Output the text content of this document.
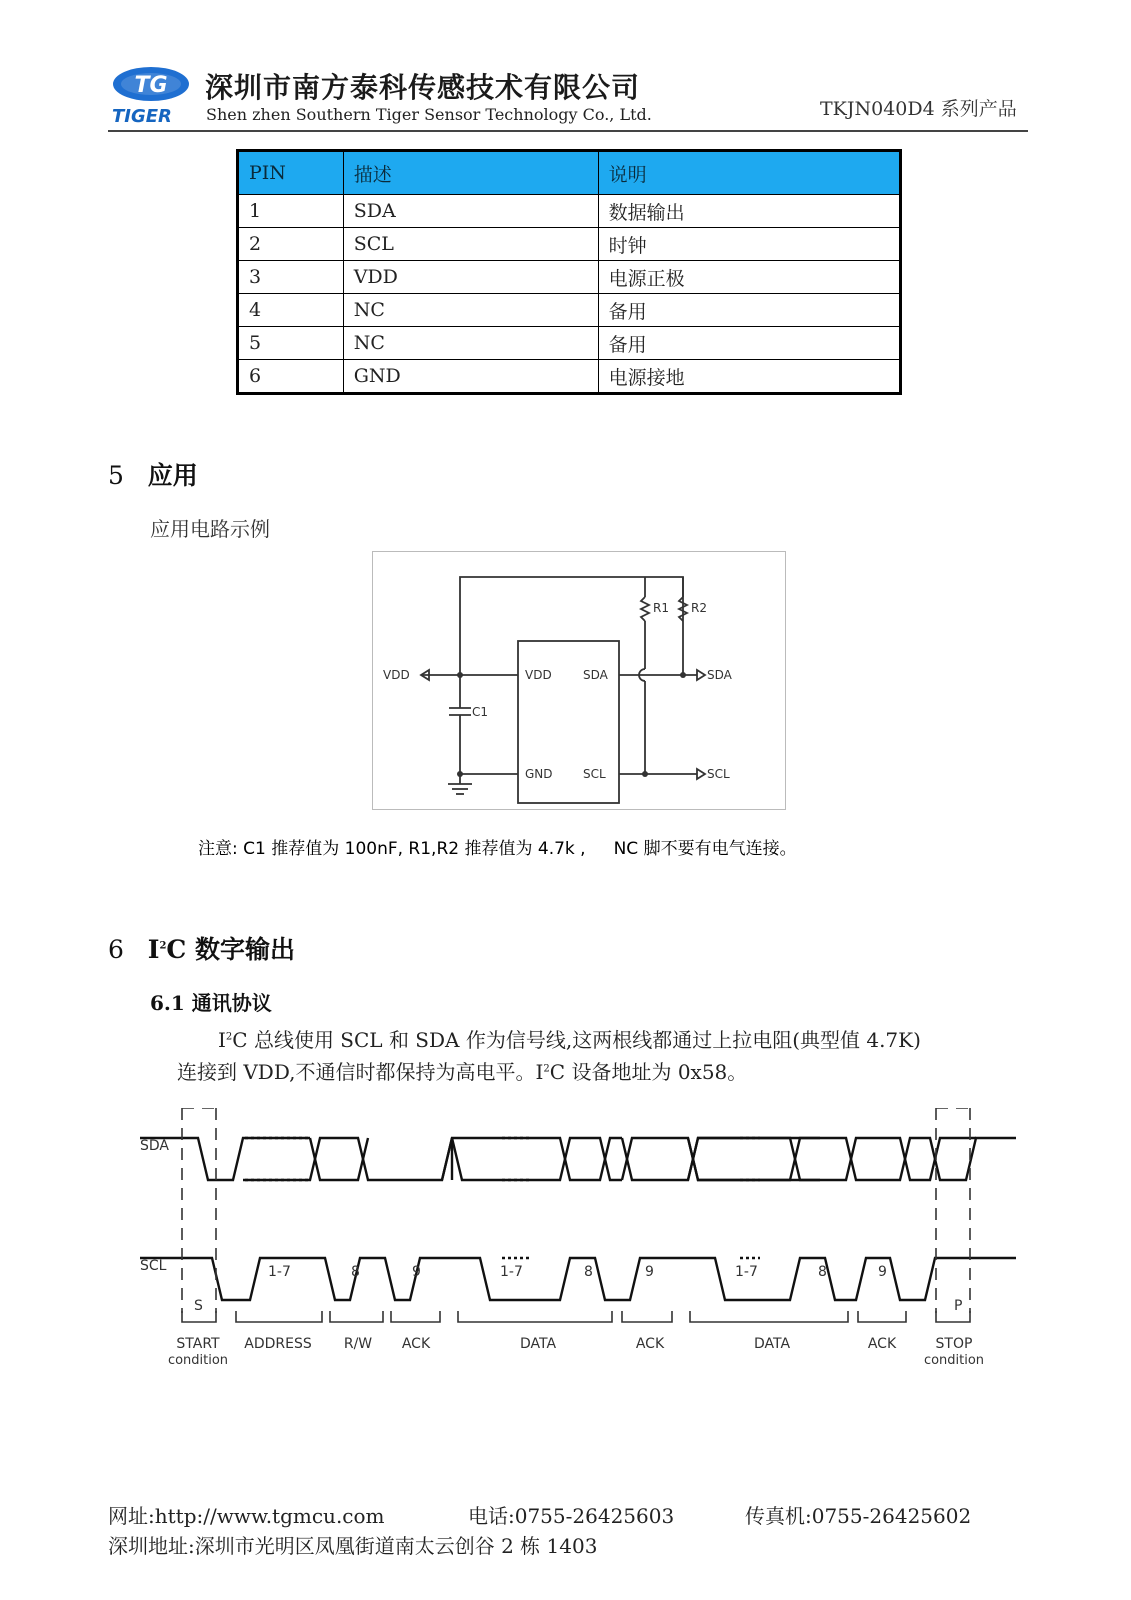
TG
TIGER
深圳市南方泰科传感技术有限公司
Shen zhen Southern Tiger Sensor Technology Co., Ltd.	TKJN040D4 系列产品
PIN	描述	说明
1	SDA	数据输出
2	SCL	时钟
3	VDD	电源正极
4	NC	备用
5	NC	备用
6	GND	电源接地
5 应用
应用电路示例
VDD
C1
R1 R2
VDD	SDA
GND	SCL
SDA
SCL
注意: C1 推荐值为 100nF, R1,R2 推荐值为 4.7k , NC 脚不要有电气连接。
6 $I^2C$ 数字输出
6.1 通讯协议
$I^2C$ 总线使用 SCL 和 SDA 作为信号线,这两根线都通过上拉电阻(典型值 4.7K)
连接到 VDD,不通信时都保持为高电平。$I^2C$ 设备地址为 0x58。
SDA
SCL
S	P
1-7	8	9	1-7	8	9	1-7	8	9
START
condition
ADDRESS R/W ACK	DATA	ACK	DATA	ACK	STOP
condition
网址:http://www.tgmcu.com	电话:0755-26425603	传真机:0755-26425602
深圳地址:深圳市光明区凤凰街道南太云创谷 2 栋 1403
